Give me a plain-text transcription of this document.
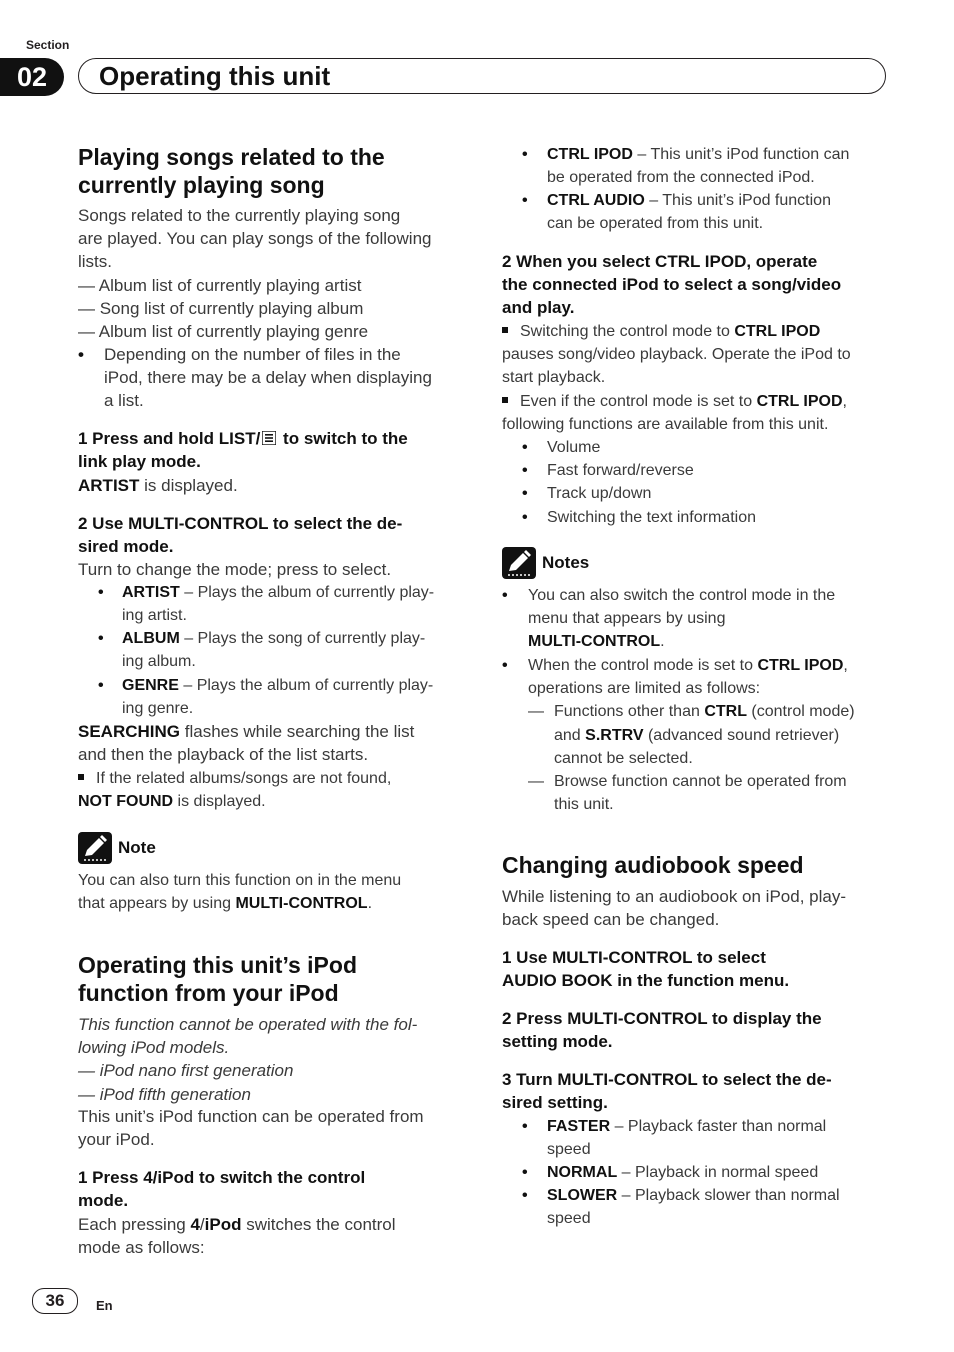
Section
02	Operating this unit
Playing songs related to the
currently playing song
Songs related to the currently playing song
are played. You can play songs of the following
lists.
— Album list of currently playing artist
— Song list of currently playing album
— Album list of currently playing genre
• Depending on the number of files in the
iPod, there may be a delay when displaying
a list.
1 Press and hold LIST/ to switch to the
link play mode.
ARTIST is displayed.
2 Use MULTI-CONTROL to select the de-
sired mode.
Turn to change the mode; press to select.
• ARTIST – Plays the album of currently play-
ing artist.
• ALBUM – Plays the song of currently play-
ing album.
• GENRE – Plays the album of currently play-
ing genre.
SEARCHING flashes while searching the list
and then the playback of the list starts.
If the related albums/songs are not found,
NOT FOUND is displayed.
Note
You can also turn this function on in the menu
that appears by using MULTI-CONTROL.
Operating this unit’s iPod
function from your iPod
This function cannot be operated with the fol-
lowing iPod models.
— iPod nano first generation
— iPod fifth generation
This unit’s iPod function can be operated from
your iPod.
1 Press 4/iPod to switch the control
mode.
Each pressing 4/iPod switches the control
mode as follows:
• CTRL IPOD – This unit’s iPod function can
be operated from the connected iPod.
• CTRL AUDIO – This unit’s iPod function
can be operated from this unit.
2 When you select CTRL IPOD, operate
the connected iPod to select a song/video
and play.
Switching the control mode to CTRL IPOD
pauses song/video playback. Operate the iPod to
start playback.
Even if the control mode is set to CTRL IPOD,
following functions are available from this unit.
•	Volume
•	Fast forward/reverse
•	Track up/down
•	Switching the text information
Notes
• You can also switch the control mode in the
menu that appears by using
MULTI-CONTROL.
• When the control mode is set to CTRL IPOD,
operations are limited as follows:
— Functions other than CTRL (control mode)
and S.RTRV (advanced sound retriever)
cannot be selected.
— Browse function cannot be operated from
this unit.
Changing audiobook speed
While listening to an audiobook on iPod, play-
back speed can be changed.
1 Use MULTI-CONTROL to select
AUDIO BOOK in the function menu.
2 Press MULTI-CONTROL to display the
setting mode.
3 Turn MULTI-CONTROL to select the de-
sired setting.
• FASTER – Playback faster than normal
speed
• NORMAL – Playback in normal speed
• SLOWER – Playback slower than normal
speed
36	En
